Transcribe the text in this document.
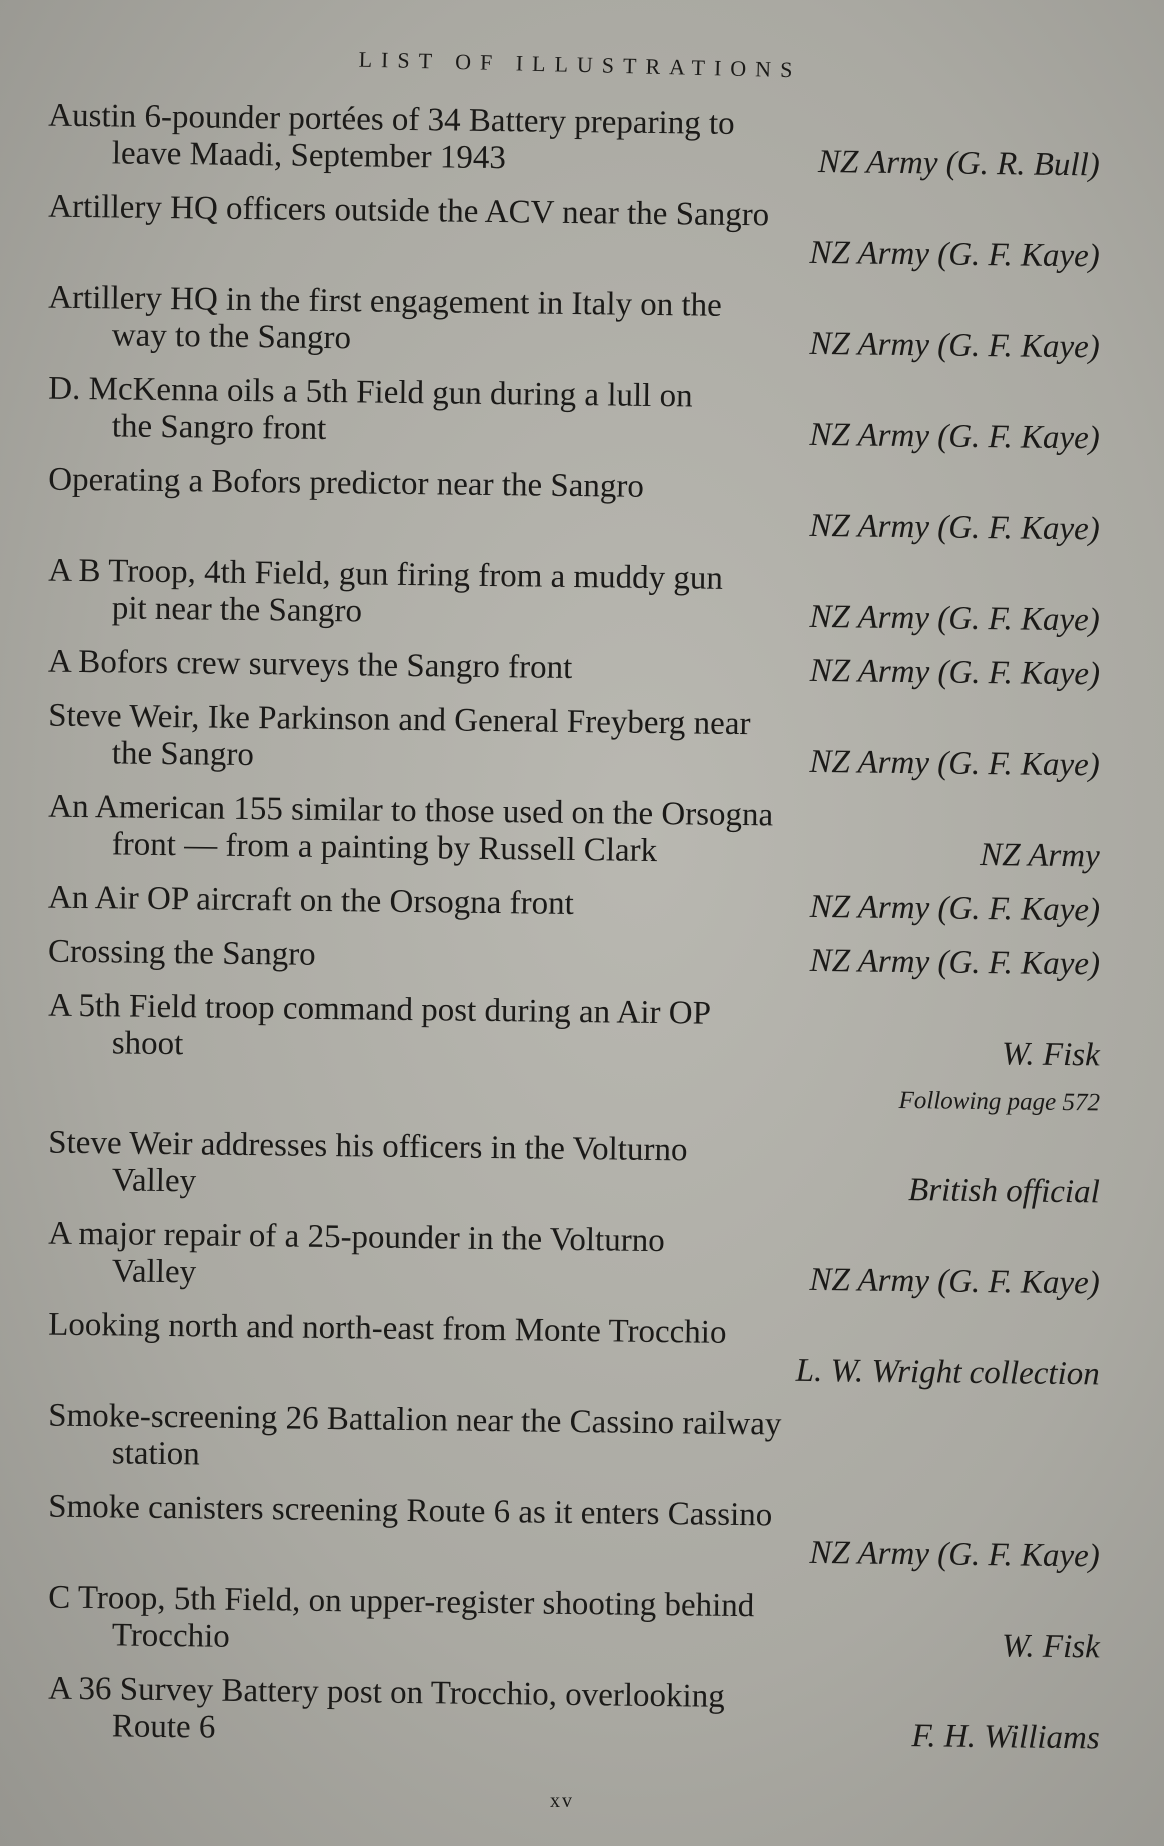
LIST OF ILLUSTRATIONS
Austin 6-pounder portées of 34 Battery preparing to
leave Maadi, September 1943	NZ Army (G. R. Bull)
Artillery HQ officers outside the ACV near the Sangro
NZ Army (G. F. Kaye)
Artillery HQ in the first engagement in Italy on the
way to the Sangro	NZ Army (G. F. Kaye)
D. McKenna oils a 5th Field gun during a lull on
the Sangro front	NZ Army (G. F. Kaye)
Operating a Bofors predictor near the Sangro
NZ Army (G. F. Kaye)
A B Troop, 4th Field, gun firing from a muddy gun
pit near the Sangro	NZ Army (G. F. Kaye)
A Bofors crew surveys the Sangro front	NZ Army (G. F. Kaye)
Steve Weir, Ike Parkinson and General Freyberg near
the Sangro	NZ Army (G. F. Kaye)
An American 155 similar to those used on the Orsogna
front — from a painting by Russell Clark	NZ Army
An Air OP aircraft on the Orsogna front	NZ Army (G. F. Kaye)
Crossing the Sangro	NZ Army (G. F. Kaye)
A 5th Field troop command post during an Air OP
shoot	W. Fisk
Following page 572
Steve Weir addresses his officers in the Volturno
Valley	British official
A major repair of a 25-pounder in the Volturno
Valley	NZ Army (G. F. Kaye)
Looking north and north-east from Monte Trocchio
L. W. Wright collection
Smoke-screening 26 Battalion near the Cassino railway
station
Smoke canisters screening Route 6 as it enters Cassino
NZ Army (G. F. Kaye)
C Troop, 5th Field, on upper-register shooting behind
Trocchio	W. Fisk
A 36 Survey Battery post on Trocchio, overlooking
Route 6	F. H. Williams
xv
